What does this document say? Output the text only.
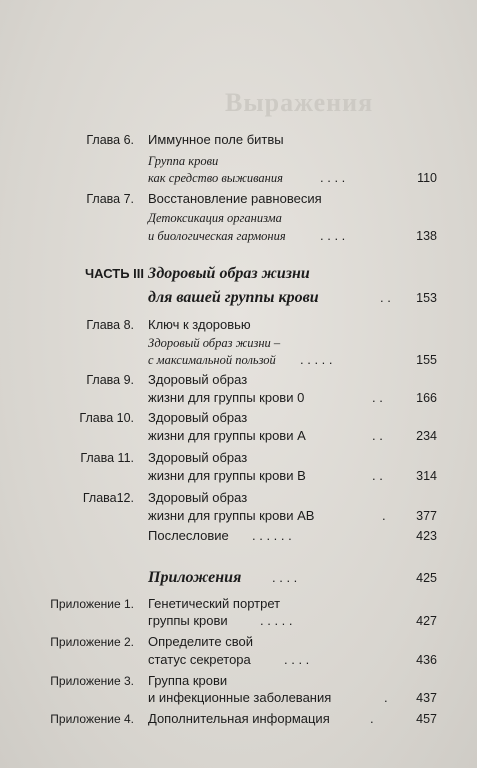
Выражения
Глава 6. Иммунное поле битвы
Группа крови
как средство выживания	. . . .	110
Глава 7. Восстановление равновесия
Детоксикация организма
и биологическая гармония	. . . .	138
ЧАСТЬ III Здоровый образ жизни
для вашей группы крови	. . 153
Глава 8. Ключ к здоровью
Здоровый образ жизни –
с максимальной пользой . . . . .	155
Глава 9. Здоровый образ
жизни для группы крови 0	. .	166
Глава 10. Здоровый образ
жизни для группы крови А	. .	234
Глава 11. Здоровый образ
жизни для группы крови В	. .	314
Глава12. Здоровый образ
жизни для группы крови АВ	. 377
Послесловие . . . . . .	423
Приложения . . . .	425
Приложение 1. Генетический портрет
группы крови . . . . .	427
Приложение 2. Определите свой
статус секретора	. . . .	436
Приложение 3. Группа крови
и инфекционные заболевания	. 437
Приложение 4. Дополнительная информация	.	457
